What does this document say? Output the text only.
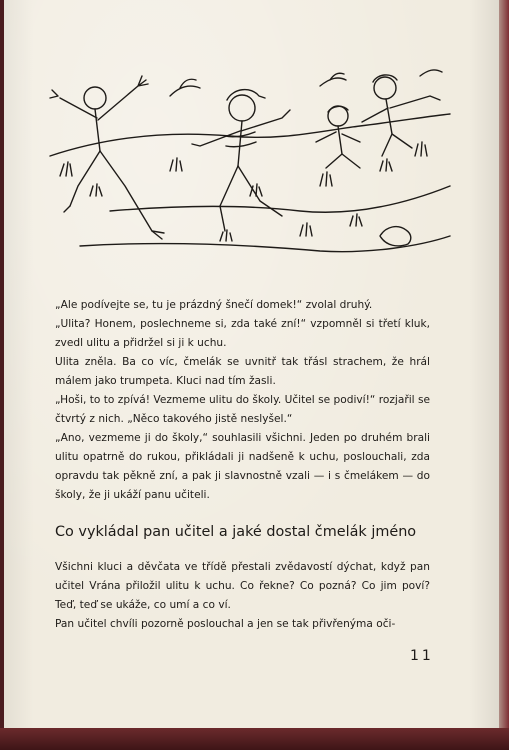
„Ale podívejte se, tu je prázdný šnečí domek!“ zvolal druhý.

„Ulita? Honem, poslechneme si, zda také zní!“ vzpomněl si třetí kluk, zvedl ulitu a přidržel si ji k uchu.

Ulita zněla. Ba co víc, čmelák se uvnitř tak třásl strachem, že hrál málem jako trumpeta. Kluci nad tím žasli.

„Hoši, to to zpívá! Vezmeme ulitu do školy. Učitel se podiví!“ rozjařil se čtvrtý z nich. „Něco takového jistě neslyšel.“

„Ano, vezmeme ji do školy,“ souhlasili všichni. Jeden po druhém brali ulitu opatrně do rukou, přikládali ji nadšeně k uchu, poslouchali, zda opravdu tak pěkně zní, a pak ji slavnostně vzali — i s čmelákem — do školy, že ji ukáží panu učiteli.

Co vykládal pan učitel a jaké dostal čmelák jméno

Všichni kluci a děvčata ve třídě přestali zvědavostí dýchat, když pan učitel Vrána přiložil ulitu k uchu. Co řekne? Co pozná? Co jim poví? Teď, teď se ukáže, co umí a co ví.

Pan učitel chvíli pozorně poslouchal a jen se tak přivřenýma oči-

11
